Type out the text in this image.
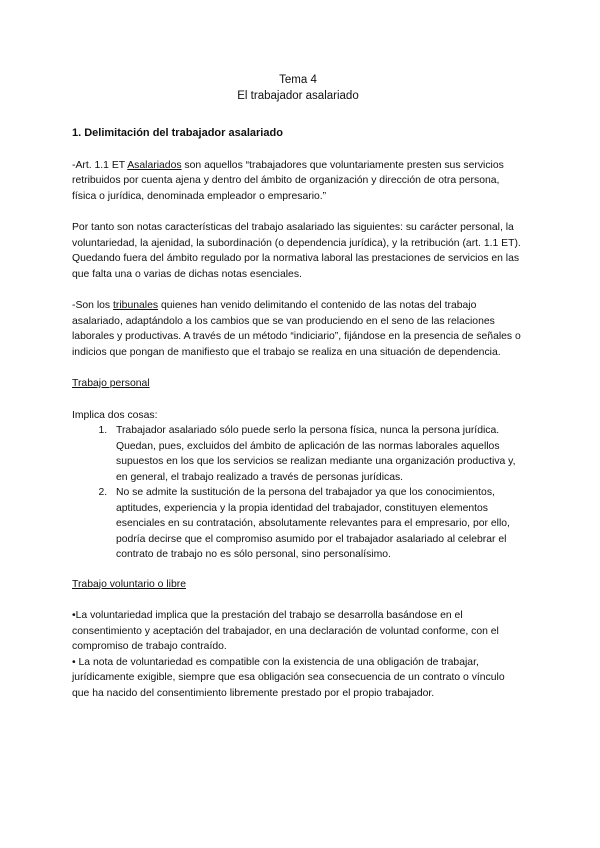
Tema 4

El trabajador asalariado

1. Delimitación del trabajador asalariado

-Art. 1.1 ET Asalariados son aquellos “trabajadores que voluntariamente presten sus servicios retribuidos por cuenta ajena y dentro del ámbito de organización y dirección de otra persona, física o jurídica, denominada empleador o empresario.”

Por tanto son notas características del trabajo asalariado las siguientes: su carácter personal, la voluntariedad, la ajenidad, la subordinación (o dependencia jurídica), y la retribución (art. 1.1 ET). Quedando fuera del ámbito regulado por la normativa laboral las prestaciones de servicios en las que falta una o varias de dichas notas esenciales.

-Son los tribunales quienes han venido delimitando el contenido de las notas del trabajo asalariado, adaptándolo a los cambios que se van produciendo en el seno de las relaciones laborales y productivas. A través de un método “indiciario”, fijándose en la presencia de señales o indicios que pongan de manifiesto que el trabajo se realiza en una situación de dependencia.

Trabajo personal

Implica dos cosas:

1. Trabajador asalariado sólo puede serlo la persona física, nunca la persona jurídica. Quedan, pues, excluidos del ámbito de aplicación de las normas laborales aquellos supuestos en los que los servicios se realizan mediante una organización productiva y, en general, el trabajo realizado a través de personas jurídicas.
2. No se admite la sustitución de la persona del trabajador ya que los conocimientos, aptitudes, experiencia y la propia identidad del trabajador, constituyen elementos esenciales en su contratación, absolutamente relevantes para el empresario, por ello, podría decirse que el compromiso asumido por el trabajador asalariado al celebrar el contrato de trabajo no es sólo personal, sino personalísimo.

Trabajo voluntario o libre

•La voluntariedad implica que la prestación del trabajo se desarrolla basándose en el consentimiento y aceptación del trabajador, en una declaración de voluntad conforme, con el compromiso de trabajo contraído.

• La nota de voluntariedad es compatible con la existencia de una obligación de trabajar, jurídicamente exigible, siempre que esa obligación sea consecuencia de un contrato o vínculo que ha nacido del consentimiento libremente prestado por el propio trabajador.
